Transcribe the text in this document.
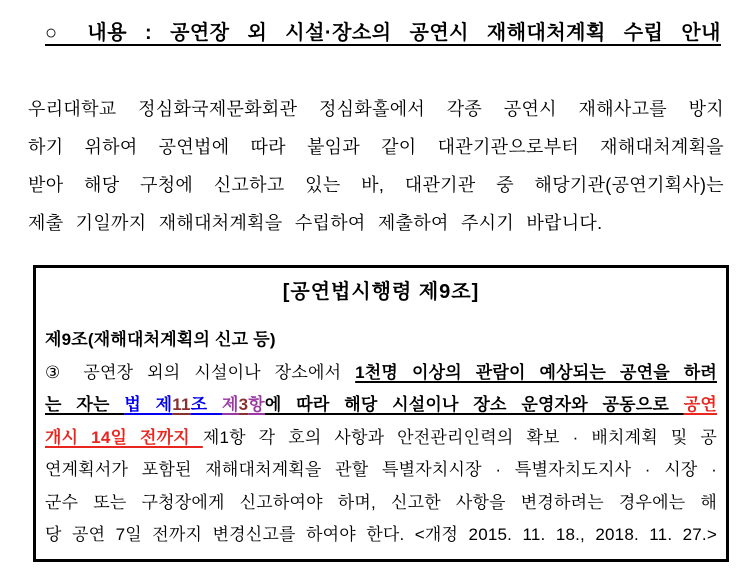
○ 내용 : 공연장 외 시설·장소의 공연시 재해대처계획 수립 안내
우리대학교 정심화국제문화회관 정심화홀에서 각종 공연시 재해사고를 방지
하기 위하여 공연법에 따라 붙임과 같이 대관기관으로부터 재해대처계획을
받아 해당 구청에 신고하고 있는 바, 대관기관 중 해당기관(공연기획사)는
제출 기일까지 재해대처계획을 수립하여 제출하여 주시기 바랍니다.
[공연법시행령 제9조]
제9조(재해대처계획의 신고 등)
③ 공연장 외의 시설이나 장소에서 1천명 이상의 관람이 예상되는 공연을 하려
는 자는 법 제11조 제3항에 따라 해당 시설이나 장소 운영자와 공동으로 공연
개시 14일 전까지 제1항 각 호의 사항과 안전관리인력의 확보 · 배치계획 및 공
연계획서가 포함된 재해대처계획을 관할 특별자치시장 · 특별자치도지사 · 시장 ·
군수 또는 구청장에게 신고하여야 하며, 신고한 사항을 변경하려는 경우에는 해
당 공연 7일 전까지 변경신고를 하여야 한다. <개정 2015. 11. 18., 2018. 11. 27.>
